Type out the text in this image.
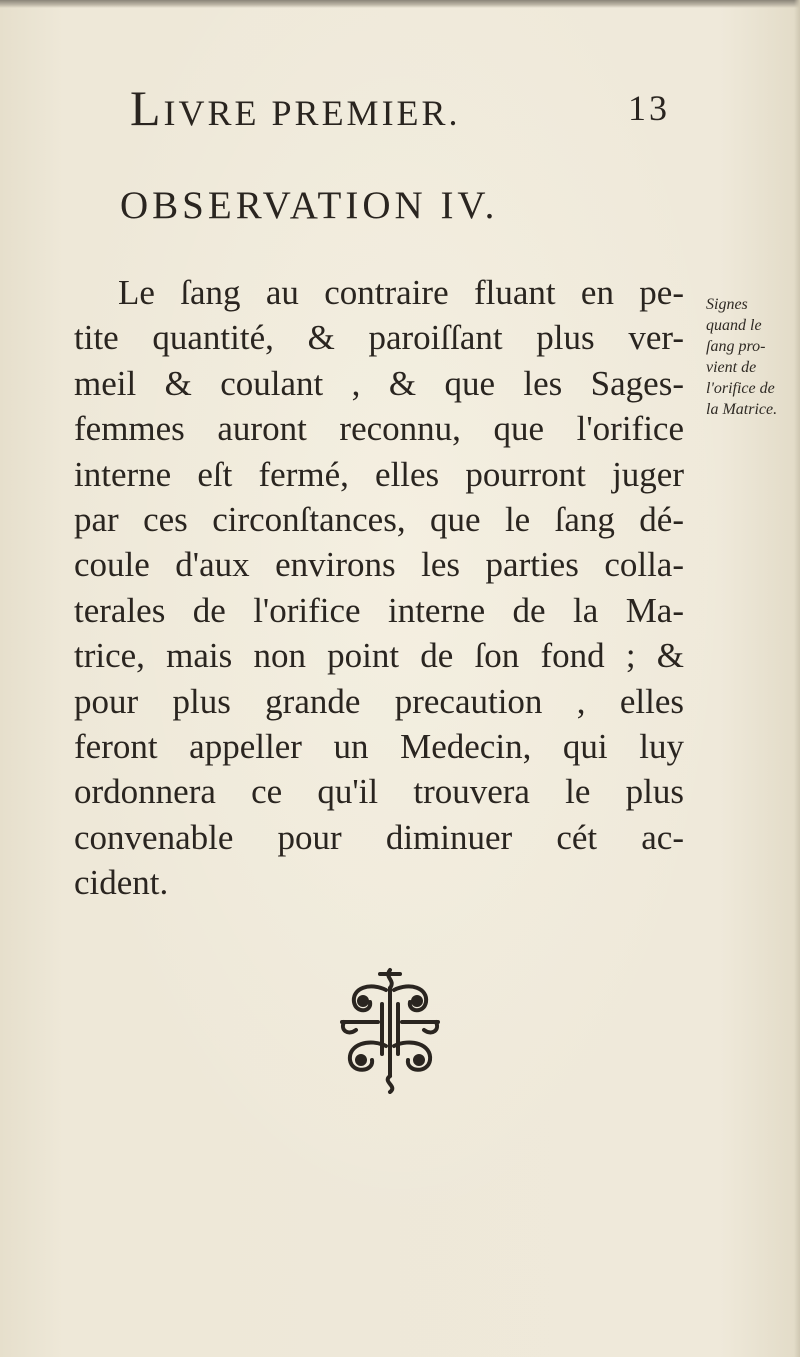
LIVRE PREMIER.	13
OBSERVATION IV.
Le ſang au contraire fluant en pe-
tite quantité, & paroiſſant plus ver-
meil & coulant , & que les Sages-
femmes auront reconnu, que l'orifice
interne eſt fermé, elles pourront juger
par ces circonſtances, que le ſang dé-
coule d'aux environs les parties colla-
terales de l'orifice interne de la Ma-
trice, mais non point de ſon fond ; &
pour plus grande precaution , elles
feront appeller un Medecin, qui luy
ordonnera ce qu'il trouvera le plus
convenable pour diminuer cét ac-
cident.
Signes
quand le
ſang pro-
vient de
l'orifice de
la Matrice.
